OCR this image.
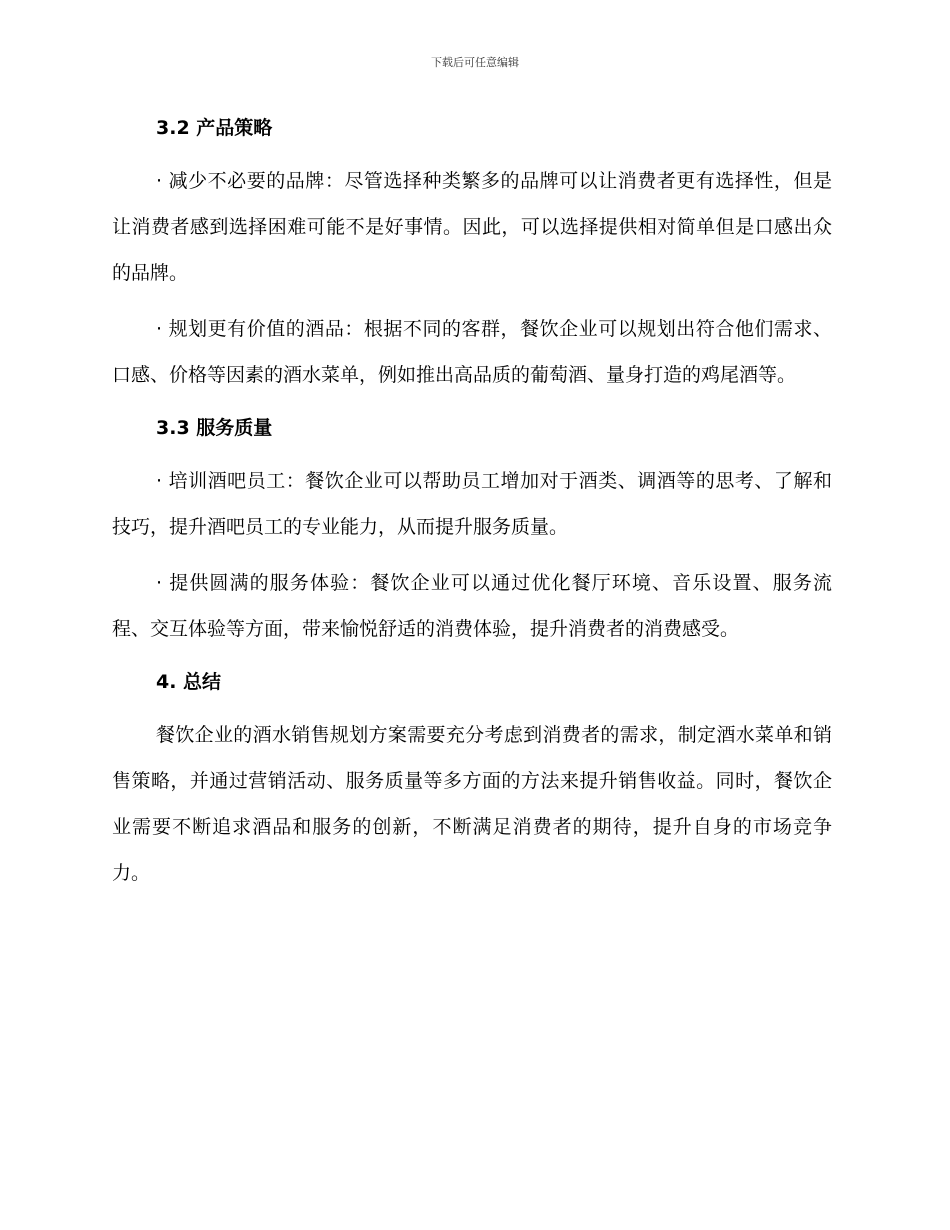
下载后可任意编辑
3.2 产品策略

· 减少不必要的品牌：尽管选择种类繁多的品牌可以让消费者更有选择性，但是让消费者感到选择困难可能不是好事情。因此，可以选择提供相对简单但是口感出众的品牌。

· 规划更有价值的酒品：根据不同的客群，餐饮企业可以规划出符合他们需求、口感、价格等因素的酒水菜单，例如推出高品质的葡萄酒、量身打造的鸡尾酒等。

3.3 服务质量

· 培训酒吧员工：餐饮企业可以帮助员工增加对于酒类、调酒等的思考、了解和技巧，提升酒吧员工的专业能力，从而提升服务质量。

· 提供圆满的服务体验：餐饮企业可以通过优化餐厅环境、音乐设置、服务流程、交互体验等方面，带来愉悦舒适的消费体验，提升消费者的消费感受。

4. 总结

餐饮企业的酒水销售规划方案需要充分考虑到消费者的需求，制定酒水菜单和销售策略，并通过营销活动、服务质量等多方面的方法来提升销售收益。同时，餐饮企业需要不断追求酒品和服务的创新，不断满足消费者的期待，提升自身的市场竞争力。
